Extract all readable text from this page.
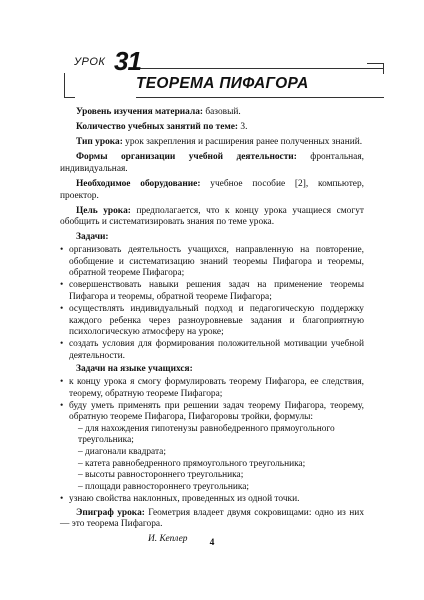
УРОК 31
ТЕОРЕМА ПИФАГОРА

Уровень изучения материала: базовый.

Количество учебных занятий по теме: 3.

Тип урока: урок закрепления и расширения ранее полученных знаний.

Формы организации учебной деятельности: фронтальная, индивидуальная.

Необходимое оборудование: учебное пособие [2], компьютер, проектор.

Цель урока: предполагается, что к концу урока учащиеся смогут обобщить и систематизировать знания по теме урока.

Задачи:

• организовать деятельность учащихся, направленную на повторение, обобщение и систематизацию знаний теоремы Пифагора и теоремы, обратной теореме Пифагора;
• совершенствовать навыки решения задач на применение теоремы Пифагора и теоремы, обратной теореме Пифагора;
• осуществлять индивидуальный подход и педагогическую поддержку каждого ребенка через разноуровневые задания и благоприятную психологическую атмосферу на уроке;
• создать условия для формирования положительной мотивации учебной деятельности.

Задачи на языке учащихся:

• к концу урока я смогу формулировать теорему Пифагора, ее следствия, теорему, обратную теореме Пифагора;
• буду уметь применять при решении задач теорему Пифагора, теорему, обратную теореме Пифагора, Пифагоровы тройки, формулы:
– для нахождения гипотенузы равнобедренного прямоугольного треугольника;
– диагонали квадрата;
– катета равнобедренного прямоугольного треугольника;
– высоты равностороннего треугольника;
– площади равностороннего треугольника;
• узнаю свойства наклонных, проведенных из одной точки.

Эпиграф урока: Геометрия владеет двумя сокровищами: одно из них — это теорема Пифагора.

И. Кеплер	4
